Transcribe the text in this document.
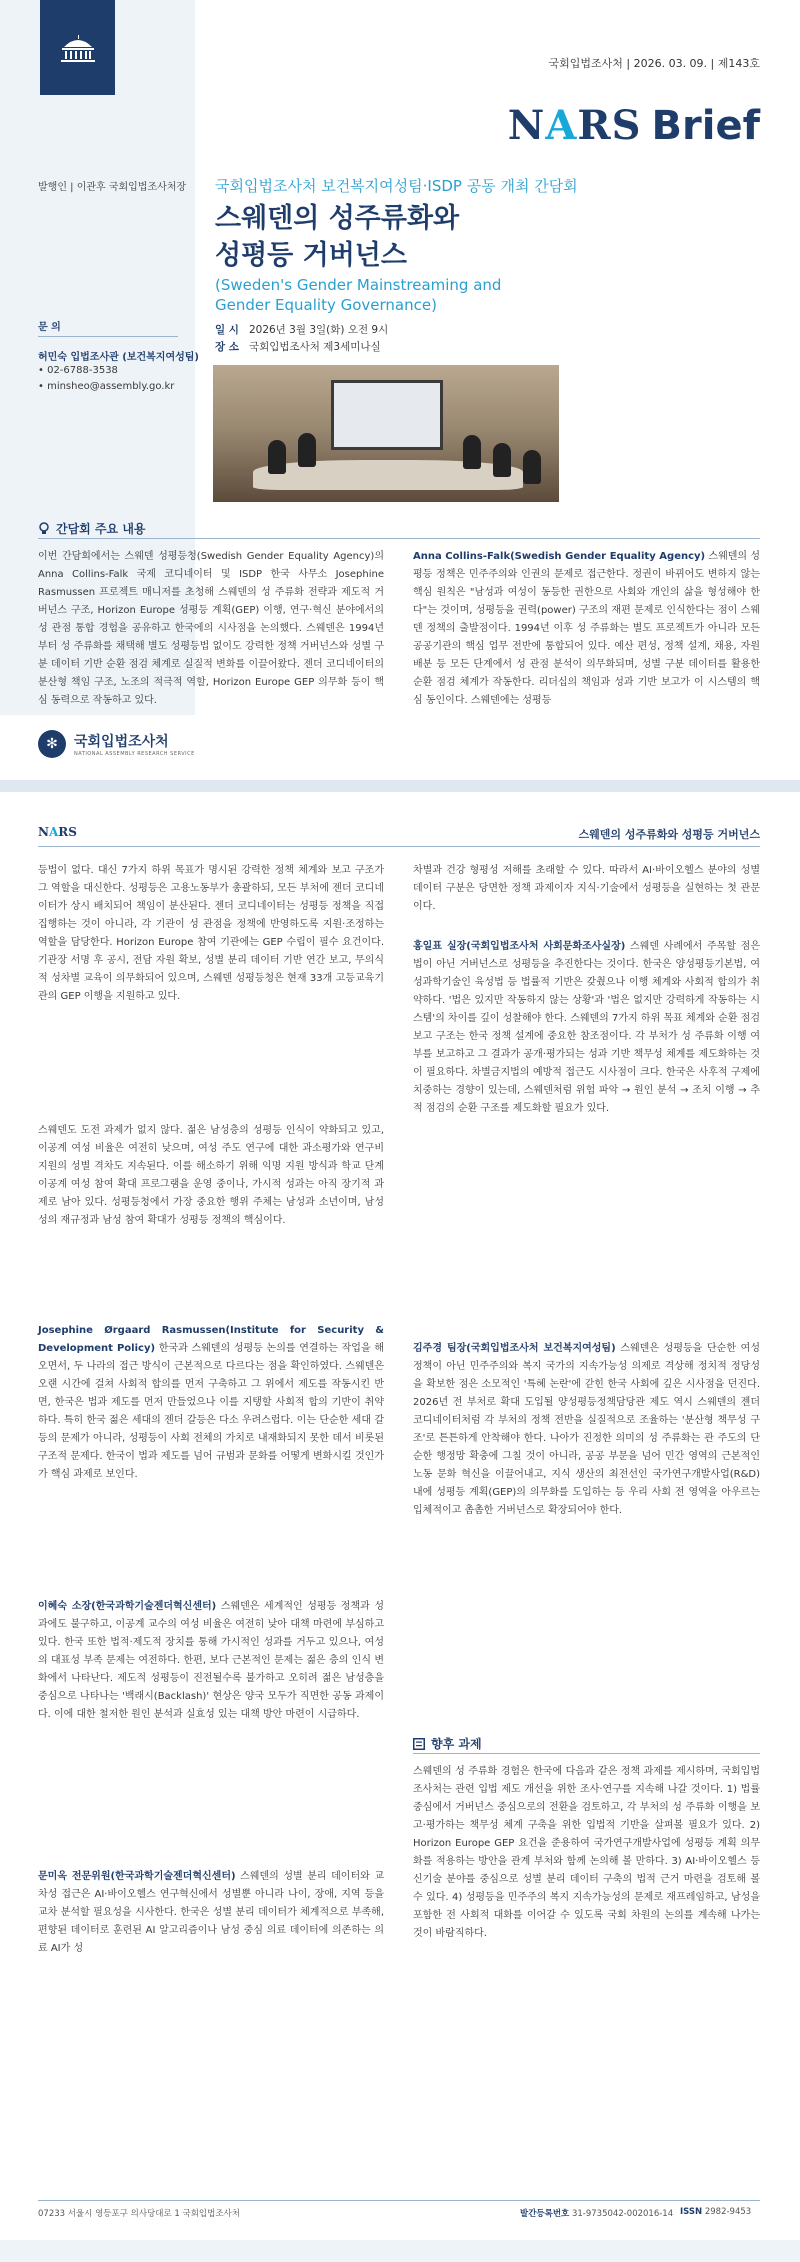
국회입법조사처 | 2026. 03. 09. | 제143호
NARS Brief
발행인 | 이관후 국회입법조사처장
문 의
허민숙 입법조사관 (보건복지여성팀)
• 02-6788-3538
• minsheo@assembly.go.kr
국회입법조사처 보건복지여성팀·ISDP 공동 개최 간담회
스웨덴의 성주류화와
성평등 거버넌스
(Sweden's Gender Mainstreaming and Gender Equality Governance)
일 시 2026년 3월 3일(화) 오전 9시
장 소 국회입법조사처 제3세미나실
간담회 주요 내용
이번 간담회에서는 스웨덴 성평등청(Swedish Gender Equality Agency)의 Anna Collins-Falk 국제 코디네이터 및 ISDP 한국 사무소 Josephine Rasmussen 프로젝트 매니저를 초청해 스웨덴의 성 주류화 전략과 제도적 거버넌스 구조, Horizon Europe 성평등 계획(GEP) 이행, 연구·혁신 분야에서의 성 관점 통합 경험을 공유하고 한국에의 시사점을 논의했다. 스웨덴은 1994년부터 성 주류화를 채택해 별도 성평등법 없이도 강력한 정책 거버넌스와 성별 구분 데이터 기반 순환 점검 체계로 실질적 변화를 이끌어왔다. 젠더 코디네이터의 분산형 책임 구조, 노조의 적극적 역할, Horizon Europe GEP 의무화 등이 핵심 동력으로 작동하고 있다.
Anna Collins-Falk(Swedish Gender Equality Agency) 스웨덴의 성평등 정책은 민주주의와 인권의 문제로 접근한다. 정권이 바뀌어도 변하지 않는 핵심 원칙은 "남성과 여성이 동등한 권한으로 사회와 개인의 삶을 형성해야 한다"는 것이며, 성평등을 권력(power) 구조의 재편 문제로 인식한다는 점이 스웨덴 정책의 출발점이다. 1994년 이후 성 주류화는 별도 프로젝트가 아니라 모든 공공기관의 핵심 업무 전반에 통합되어 있다. 예산 편성, 정책 설계, 채용, 자원 배분 등 모든 단계에서 성 관점 분석이 의무화되며, 성별 구분 데이터를 활용한 순환 점검 체계가 작동한다. 리더십의 책임과 성과 기반 보고가 이 시스템의 핵심 동인이다. 스웨덴에는 성평등
✻	국회입법조사처
NATIONAL ASSEMBLY RESEARCH SERVICE
NARS	스웨덴의 성주류화와 성평등 거버넌스
등법이 없다. 대신 7가지 하위 목표가 명시된 강력한 정책 체계와 보고 구조가 그 역할을 대신한다. 성평등은 고용노동부가 총괄하되, 모든 부처에 젠더 코디네이터가 상시 배치되어 책임이 분산된다. 젠더 코디네이터는 성평등 정책을 직접 집행하는 것이 아니라, 각 기관이 성 관점을 정책에 반영하도록 지원·조정하는 역할을 담당한다. Horizon Europe 참여 기관에는 GEP 수립이 필수 요건이다. 기관장 서명 후 공시, 전담 자원 확보, 성별 분리 데이터 기반 연간 보고, 무의식적 성차별 교육이 의무화되어 있으며, 스웨덴 성평등청은 현재 33개 고등교육기관의 GEP 이행을 지원하고 있다.
스웨덴도 도전 과제가 없지 않다. 젊은 남성층의 성평등 인식이 약화되고 있고, 이공계 여성 비율은 여전히 낮으며, 여성 주도 연구에 대한 과소평가와 연구비 지원의 성별 격차도 지속된다. 이를 해소하기 위해 익명 지원 방식과 학교 단계 이공계 여성 참여 확대 프로그램을 운영 중이나, 가시적 성과는 아직 장기적 과제로 남아 있다. 성평등청에서 가장 중요한 행위 주체는 남성과 소년이며, 남성성의 재규정과 남성 참여 확대가 성평등 정책의 핵심이다.
Josephine Ørgaard Rasmussen(Institute for Security & Development Policy) 한국과 스웨덴의 성평등 논의를 연결하는 작업을 해오면서, 두 나라의 접근 방식이 근본적으로 다르다는 점을 확인하였다. 스웨덴은 오랜 시간에 걸쳐 사회적 합의를 먼저 구축하고 그 위에서 제도를 작동시킨 반면, 한국은 법과 제도를 먼저 만들었으나 이를 지탱할 사회적 합의 기반이 취약하다. 특히 한국 젊은 세대의 젠더 갈등은 다소 우려스럽다. 이는 단순한 세대 갈등의 문제가 아니라, 성평등이 사회 전체의 가치로 내재화되지 못한 데서 비롯된 구조적 문제다. 한국이 법과 제도를 넘어 규범과 문화를 어떻게 변화시킬 것인가가 핵심 과제로 보인다.
이혜숙 소장(한국과학기술젠더혁신센터) 스웨덴은 세계적인 성평등 정책과 성과에도 불구하고, 이공계 교수의 여성 비율은 여전히 낮아 대책 마련에 부심하고 있다. 한국 또한 법적·제도적 장치를 통해 가시적인 성과를 거두고 있으나, 여성의 대표성 부족 문제는 여전하다. 한편, 보다 근본적인 문제는 젊은 층의 인식 변화에서 나타난다. 제도적 성평등이 진전될수록 불가하고 오히려 젊은 남성층을 중심으로 나타나는 '백래시(Backlash)' 현상은 양국 모두가 직면한 공동 과제이다. 이에 대한 철저한 원인 분석과 실효성 있는 대책 방안 마련이 시급하다.
문미옥 전문위원(한국과학기술젠더혁신센터) 스웨덴의 성별 분리 데이터와 교차성 접근은 AI·바이오헬스 연구혁신에서 성별뿐 아니라 나이, 장애, 지역 등을 교차 분석할 필요성을 시사한다. 한국은 성별 분리 데이터가 체계적으로 부족해, 편향된 데이터로 훈련된 AI 알고리즘이나 남성 중심 의료 데이터에 의존하는 의료 AI가 성
차별과 건강 형평성 저해를 초래할 수 있다. 따라서 AI·바이오헬스 분야의 성별 데이터 구분은 당면한 정책 과제이자 지식·기술에서 성평등을 실현하는 첫 관문이다.
홍일표 실장(국회입법조사처 사회문화조사실장) 스웨덴 사례에서 주목할 점은 법이 아닌 거버넌스로 성평등을 추진한다는 것이다. 한국은 양성평등기본법, 여성과학기술인 육성법 등 법률적 기반은 갖췄으나 이행 체계와 사회적 합의가 취약하다. '법은 있지만 작동하지 않는 상황'과 '법은 없지만 강력하게 작동하는 시스템'의 차이를 깊이 성찰해야 한다. 스웨덴의 7가지 하위 목표 체계와 순환 점검 보고 구조는 한국 정책 설계에 중요한 참조점이다. 각 부처가 성 주류화 이행 여부를 보고하고 그 결과가 공개·평가되는 성과 기반 책무성 체계를 제도화하는 것이 필요하다. 차별금지법의 예방적 접근도 시사점이 크다. 한국은 사후적 구제에 치중하는 경향이 있는데, 스웨덴처럼 위험 파악 → 원인 분석 → 조치 이행 → 추적 점검의 순환 구조를 제도화할 필요가 있다.
김주경 팀장(국회입법조사처 보건복지여성팀) 스웨덴은 성평등을 단순한 여성 정책이 아닌 민주주의와 복지 국가의 지속가능성 의제로 격상해 정치적 정당성을 확보한 점은 소모적인 '특혜 논란'에 갇힌 한국 사회에 깊은 시사점을 던진다. 2026년 전 부처로 확대 도입될 양성평등정책담당관 제도 역시 스웨덴의 젠더 코디네이터처럼 각 부처의 정책 전반을 실질적으로 조율하는 '분산형 책무성 구조'로 튼튼하게 안착해야 한다. 나아가 진정한 의미의 성 주류화는 관 주도의 단순한 행정망 확충에 그칠 것이 아니라, 공공 부문을 넘어 민간 영역의 근본적인 노동 문화 혁신을 이끌어내고, 지식 생산의 최전선인 국가연구개발사업(R&D) 내에 성평등 계획(GEP)의 의무화를 도입하는 등 우리 사회 전 영역을 아우르는 입체적이고 촘촘한 거버넌스로 확장되어야 한다.
향후 과제
스웨덴의 성 주류화 경험은 한국에 다음과 같은 정책 과제를 제시하며, 국회입법조사처는 관련 입법 제도 개선을 위한 조사·연구를 지속해 나갈 것이다. 1) 법률 중심에서 거버넌스 중심으로의 전환을 검토하고, 각 부처의 성 주류화 이행을 보고·평가하는 책무성 체계 구축을 위한 입법적 기반을 살펴볼 필요가 있다. 2) Horizon Europe GEP 요건을 준용하여 국가연구개발사업에 성평등 계획 의무화를 적용하는 방안을 관계 부처와 함께 논의해 볼 만하다. 3) AI·바이오헬스 등 신기술 분야를 중심으로 성별 분리 데이터 구축의 법적 근거 마련을 검토해 볼 수 있다. 4) 성평등을 민주주의 복지 지속가능성의 문제로 재프레임하고, 남성을 포함한 전 사회적 대화를 이어갈 수 있도록 국회 차원의 논의를 계속해 나가는 것이 바람직하다.
07233 서울시 영등포구 의사당대로 1 국회입법조사처	발간등록번호 31-9735042-002016-14 ISSN 2982-9453
